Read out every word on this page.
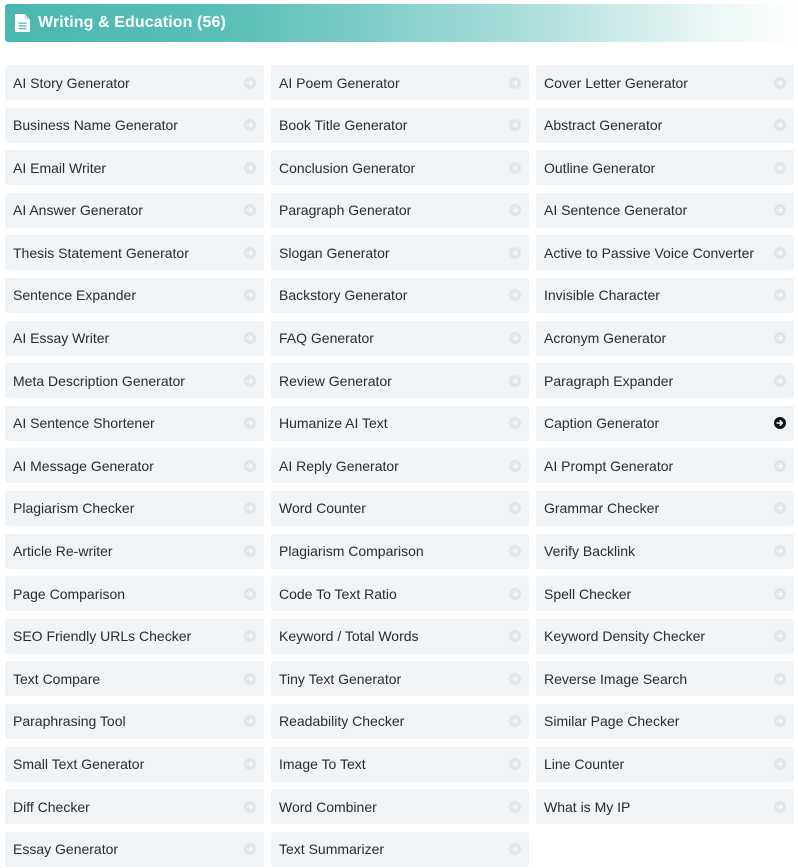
Writing & Education (56)
AI Story Generator	AI Poem Generator	Cover Letter Generator
Business Name Generator	Book Title Generator	Abstract Generator
AI Email Writer	Conclusion Generator	Outline Generator
AI Answer Generator	Paragraph Generator	AI Sentence Generator
Thesis Statement Generator	Slogan Generator	Active to Passive Voice Converter
Sentence Expander	Backstory Generator	Invisible Character
AI Essay Writer	FAQ Generator	Acronym Generator
Meta Description Generator	Review Generator	Paragraph Expander
AI Sentence Shortener	Humanize AI Text	Caption Generator
AI Message Generator	AI Reply Generator	AI Prompt Generator
Plagiarism Checker	Word Counter	Grammar Checker
Article Re-writer	Plagiarism Comparison	Verify Backlink
Page Comparison	Code To Text Ratio	Spell Checker
SEO Friendly URLs Checker	Keyword / Total Words	Keyword Density Checker
Text Compare	Tiny Text Generator	Reverse Image Search
Paraphrasing Tool	Readability Checker	Similar Page Checker
Small Text Generator	Image To Text	Line Counter
Diff Checker	Word Combiner	What is My IP
Essay Generator	Text Summarizer
